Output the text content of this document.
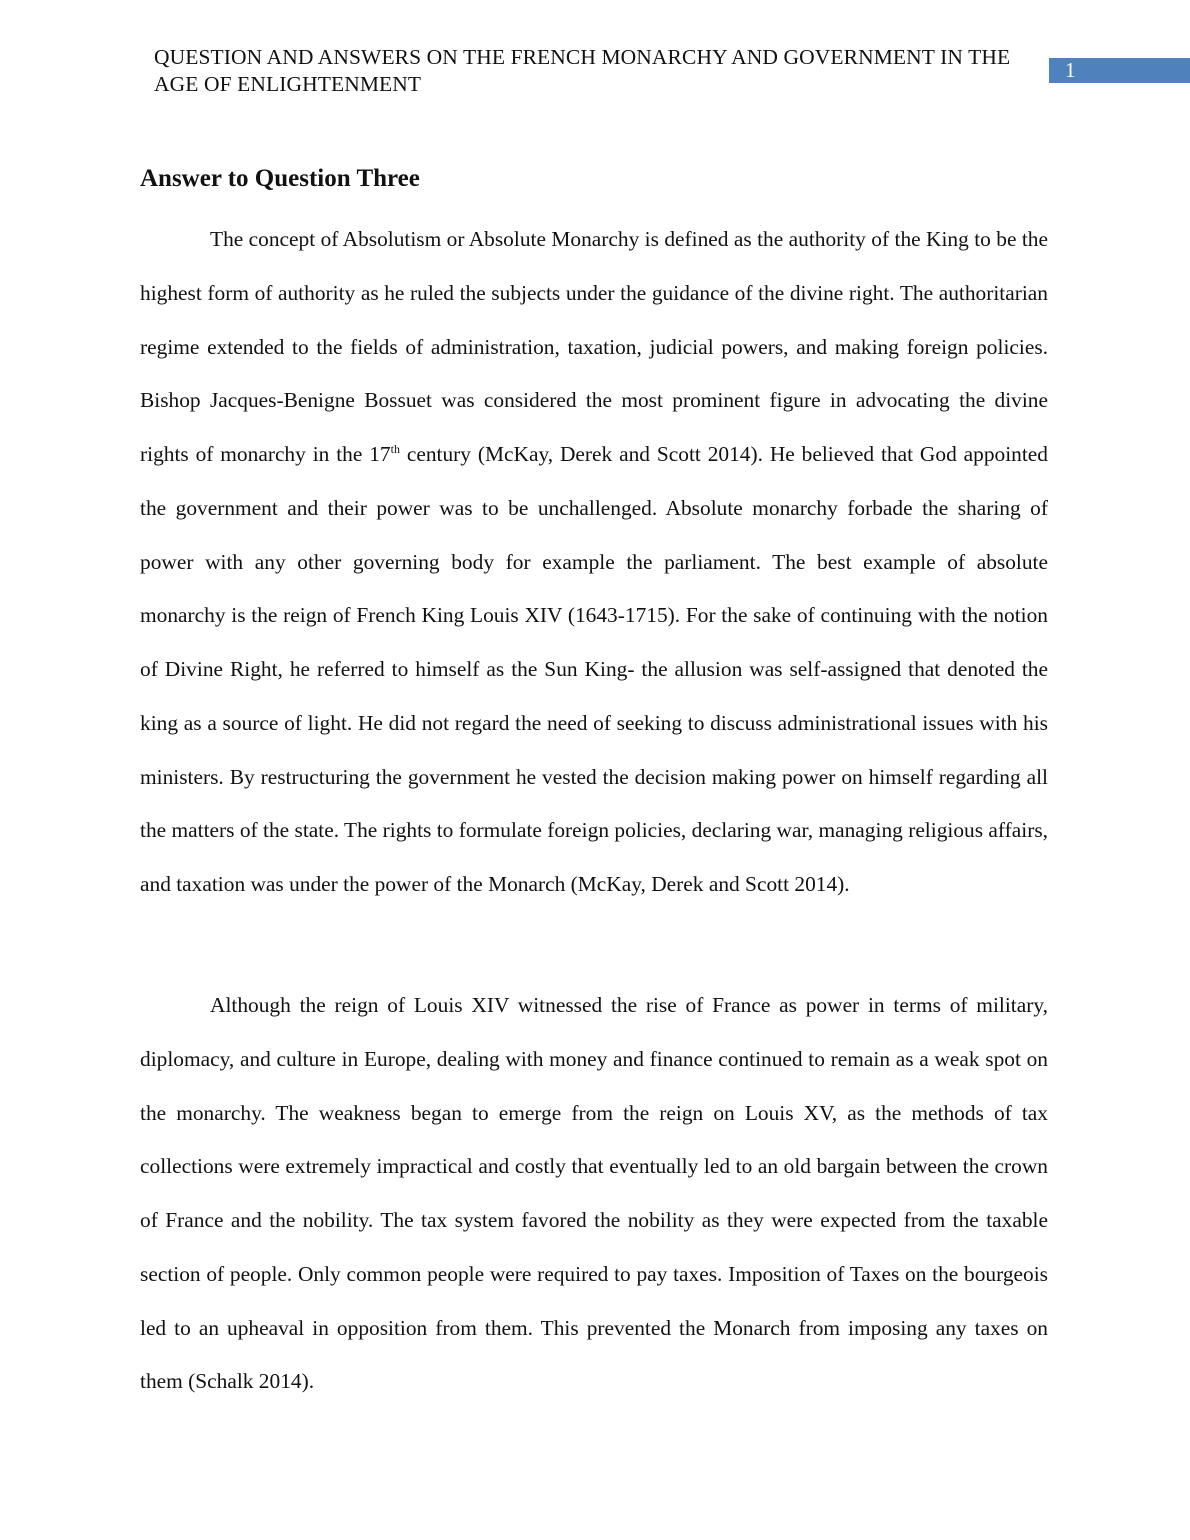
QUESTION AND ANSWERS ON THE FRENCH MONARCHY AND GOVERNMENT IN THE AGE OF ENLIGHTENMENT
1
Answer to Question Three

The concept of Absolutism or Absolute Monarchy is defined as the authority of the King to be the highest form of authority as he ruled the subjects under the guidance of the divine right. The authoritarian regime extended to the fields of administration, taxation, judicial powers, and making foreign policies. Bishop Jacques-Benigne Bossuet was considered the most prominent figure in advocating the divine rights of monarchy in the 17th century (McKay, Derek and Scott 2014). He believed that God appointed the government and their power was to be unchallenged. Absolute monarchy forbade the sharing of power with any other governing body for example the parliament. The best example of absolute monarchy is the reign of French King Louis XIV (1643-1715). For the sake of continuing with the notion of Divine Right, he referred to himself as the Sun King- the allusion was self-assigned that denoted the king as a source of light. He did not regard the need of seeking to discuss administrational issues with his ministers. By restructuring the government he vested the decision making power on himself regarding all the matters of the state. The rights to formulate foreign policies, declaring war, managing religious affairs, and taxation was under the power of the Monarch (McKay, Derek and Scott 2014).

Although the reign of Louis XIV witnessed the rise of France as power in terms of military, diplomacy, and culture in Europe, dealing with money and finance continued to remain as a weak spot on the monarchy. The weakness began to emerge from the reign on Louis XV, as the methods of tax collections were extremely impractical and costly that eventually led to an old bargain between the crown of France and the nobility. The tax system favored the nobility as they were expected from the taxable section of people. Only common people were required to pay taxes. Imposition of Taxes on the bourgeois led to an upheaval in opposition from them. This prevented the Monarch from imposing any taxes on them (Schalk 2014).
